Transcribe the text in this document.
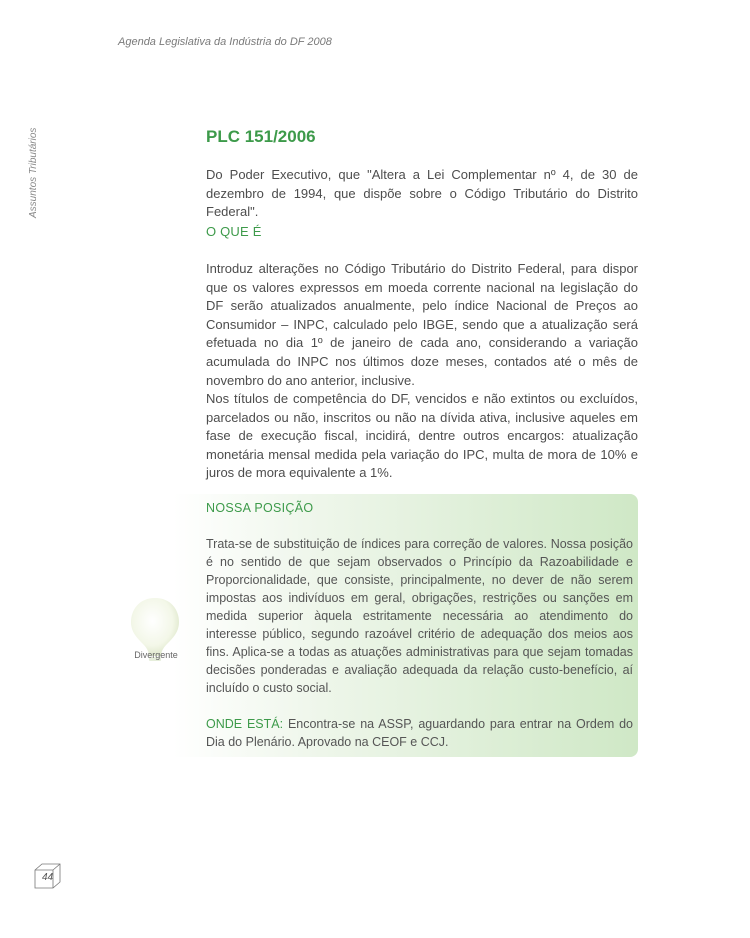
Agenda Legislativa da Indústria do DF 2008
Assuntos Tributários	PLC 151/2006

Do Poder Executivo, que "Altera a Lei Complementar nº 4, de 30 de dezembro de 1994, que dispõe sobre o Código Tributário do Distrito Federal".

O QUE É

Introduz alterações no Código Tributário do Distrito Federal, para dispor que os valores expressos em moeda corrente nacional na legislação do DF serão atualizados anualmente, pelo índice Nacional de Preços ao Consumidor – INPC, calculado pelo IBGE, sendo que a atualização será efetuada no dia 1º de janeiro de cada ano, considerando a variação acumulada do INPC nos últimos doze meses, contados até o mês de novembro do ano anterior, inclusive.

Nos títulos de competência do DF, vencidos e não extintos ou excluídos, parcelados ou não, inscritos ou não na dívida ativa, inclusive aqueles em fase de execução fiscal, incidirá, dentre outros encargos: atualização monetária mensal medida pela variação do IPC, multa de mora de 10% e juros de mora equivalente a 1%.

Divergente
NOSSA POSIÇÃO

Trata-se de substituição de índices para correção de valores. Nossa posição é no sentido de que sejam observados o Princípio da Razoabilidade e Proporcionalidade, que consiste, principalmente, no dever de não serem impostas aos indivíduos em geral, obrigações, restrições ou sanções em medida superior àquela estritamente necessária ao atendimento do interesse público, segundo razoável critério de adequação dos meios aos fins. Aplica-se a todas as atuações administrativas para que sejam tomadas decisões ponderadas e avaliação adequada da relação custo-benefício, aí incluído o custo social.

ONDE ESTÁ: Encontra-se na ASSP, aguardando para entrar na Ordem do Dia do Plenário. Aprovado na CEOF e CCJ.

44
